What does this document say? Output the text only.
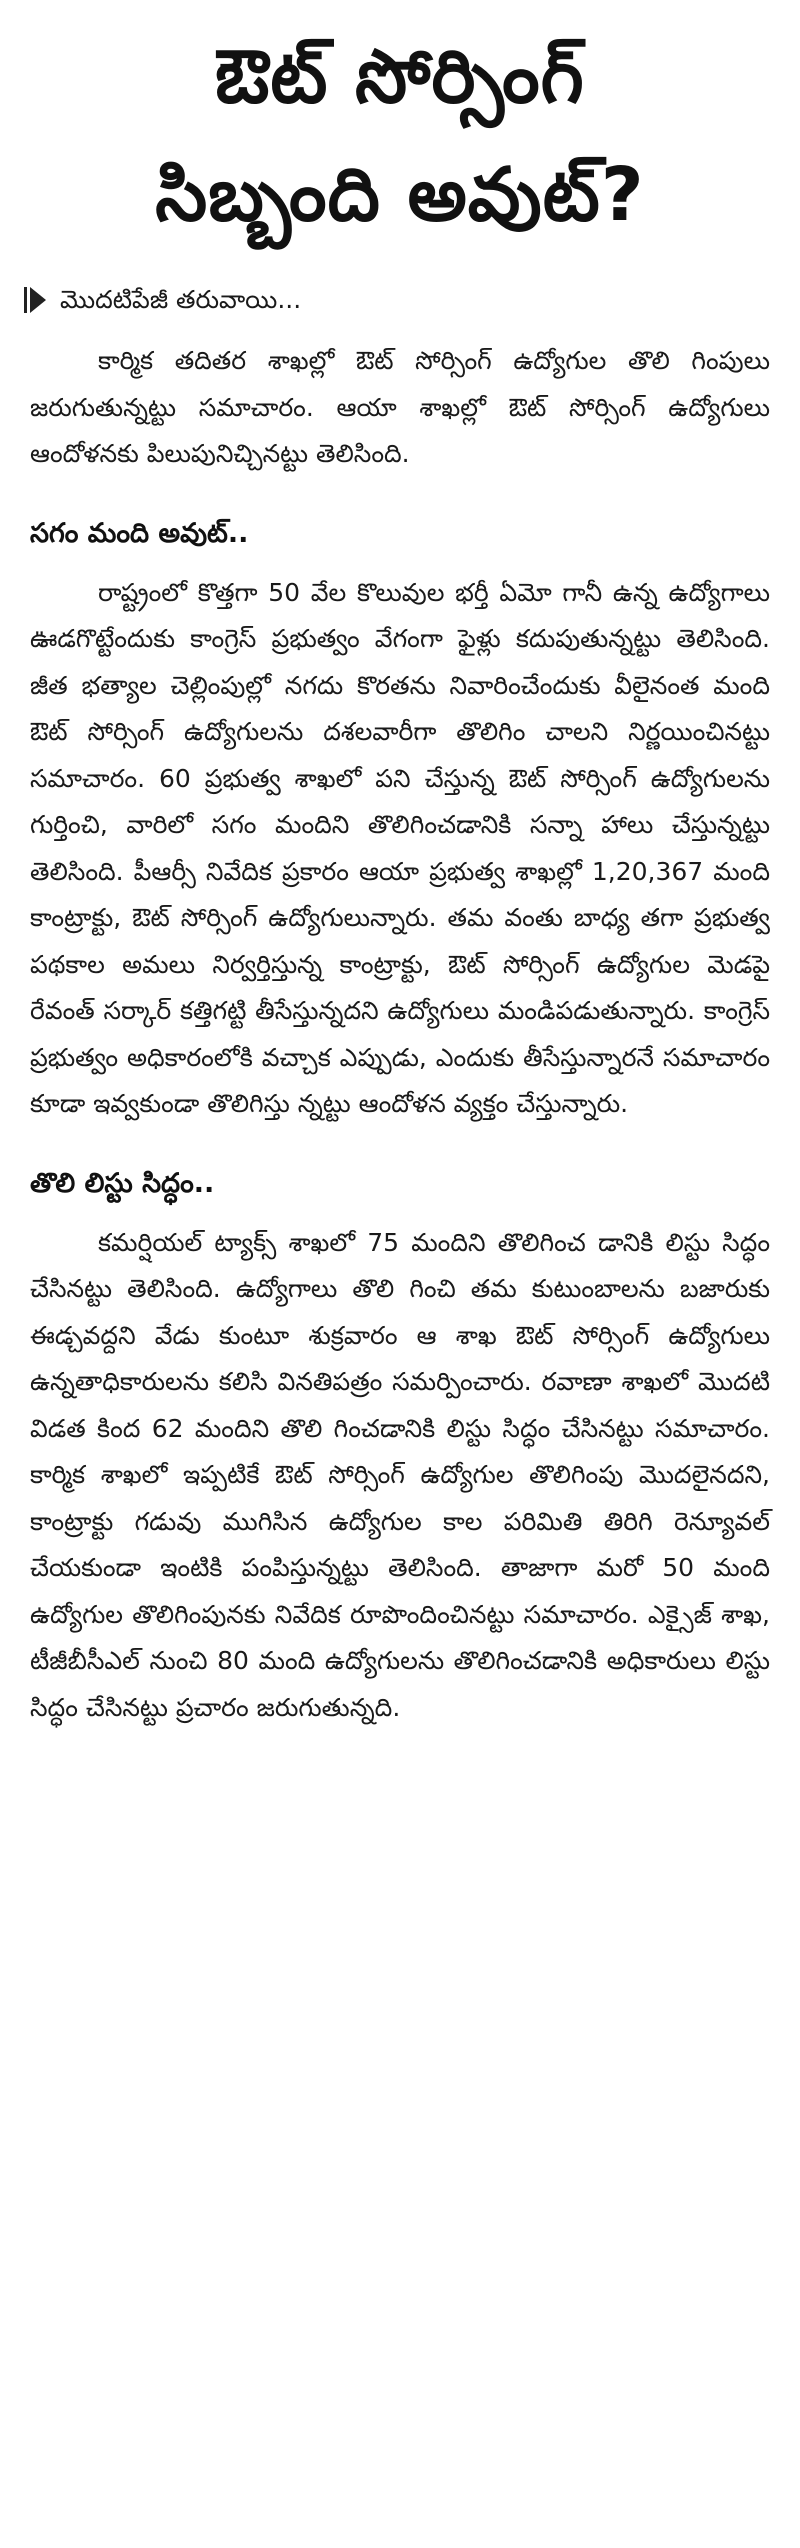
ఔట్ సోర్సింగ్
సిబ్బంది అవుట్?
మొదటిపేజీ తరువాయి...

కార్మిక తదితర శాఖల్లో ఔట్ సోర్సింగ్ ఉద్యోగుల తొలి గింపులు జరుగుతున్నట్టు సమాచారం. ఆయా శాఖల్లో ఔట్ సోర్సింగ్ ఉద్యోగులు ఆందోళనకు పిలుపునిచ్చినట్టు తెలిసింది.

సగం మంది అవుట్..

రాష్ట్రంలో కొత్తగా 50 వేల కొలువుల భర్తీ ఏమో గానీ ఉన్న ఉద్యోగాలు ఊడగొట్టేందుకు కాంగ్రెస్ ప్రభుత్వం వేగంగా ఫైళ్లు కదుపుతున్నట్టు తెలిసింది. జీత భత్యాల చెల్లింపుల్లో నగదు కొరతను నివారించేందుకు వీలైనంత మంది ఔట్ సోర్సింగ్ ఉద్యోగులను దశలవారీగా తొలిగిం చాలని నిర్ణయించినట్టు సమాచారం. 60 ప్రభుత్వ శాఖలో పని చేస్తున్న ఔట్ సోర్సింగ్ ఉద్యోగులను గుర్తించి, వారిలో సగం మందిని తొలిగించడానికి సన్నా హాలు చేస్తున్నట్టు తెలిసింది. పీఆర్సీ నివేదిక ప్రకారం ఆయా ప్రభుత్వ శాఖల్లో 1,20,367 మంది కాంట్రాక్టు, ఔట్ సోర్సింగ్ ఉద్యోగులున్నారు. తమ వంతు బాధ్య తగా ప్రభుత్వ పథకాల అమలు నిర్వర్తిస్తున్న కాంట్రాక్టు, ఔట్ సోర్సింగ్ ఉద్యోగుల మెడపై రేవంత్ సర్కార్ కత్తిగట్టి తీసేస్తున్నదని ఉద్యోగులు మండిపడుతున్నారు. కాంగ్రెస్ ప్రభుత్వం అధికారంలోకి వచ్చాక ఎప్పుడు, ఎందుకు తీసేస్తున్నారనే సమాచారం కూడా ఇవ్వకుండా తొలిగిస్తు న్నట్టు ఆందోళన వ్యక్తం చేస్తున్నారు.

తొలి లిస్టు సిద్ధం..

కమర్షియల్ ట్యాక్స్ శాఖలో 75 మందిని తొలిగించ డానికి లిస్టు సిద్ధం చేసినట్టు తెలిసింది. ఉద్యోగాలు తొలి గించి తమ కుటుంబాలను బజారుకు ఈడ్చవద్దని వేడు కుంటూ శుక్రవారం ఆ శాఖ ఔట్ సోర్సింగ్ ఉద్యోగులు ఉన్నతాధికారులను కలిసి వినతిపత్రం సమర్పించారు. రవాణా శాఖలో మొదటి విడత కింద 62 మందిని తొలి గించడానికి లిస్టు సిద్ధం చేసినట్టు సమాచారం. కార్మిక శాఖలో ఇప్పటికే ఔట్ సోర్సింగ్ ఉద్యోగుల తొలిగింపు మొదలైనదని, కాంట్రాక్టు గడువు ముగిసిన ఉద్యోగుల కాల పరిమితి తిరిగి రెన్యూవల్ చేయకుండా ఇంటికి పంపిస్తున్నట్టు తెలిసింది. తాజాగా మరో 50 మంది ఉద్యోగుల తొలిగింపునకు నివేదిక రూపొందించినట్టు సమాచారం. ఎక్సైజ్ శాఖ, టీజీబీసీఎల్ నుంచి 80 మంది ఉద్యోగులను తొలిగించడానికి అధికారులు లిస్టు సిద్ధం చేసినట్టు ప్రచారం జరుగుతున్నది.
